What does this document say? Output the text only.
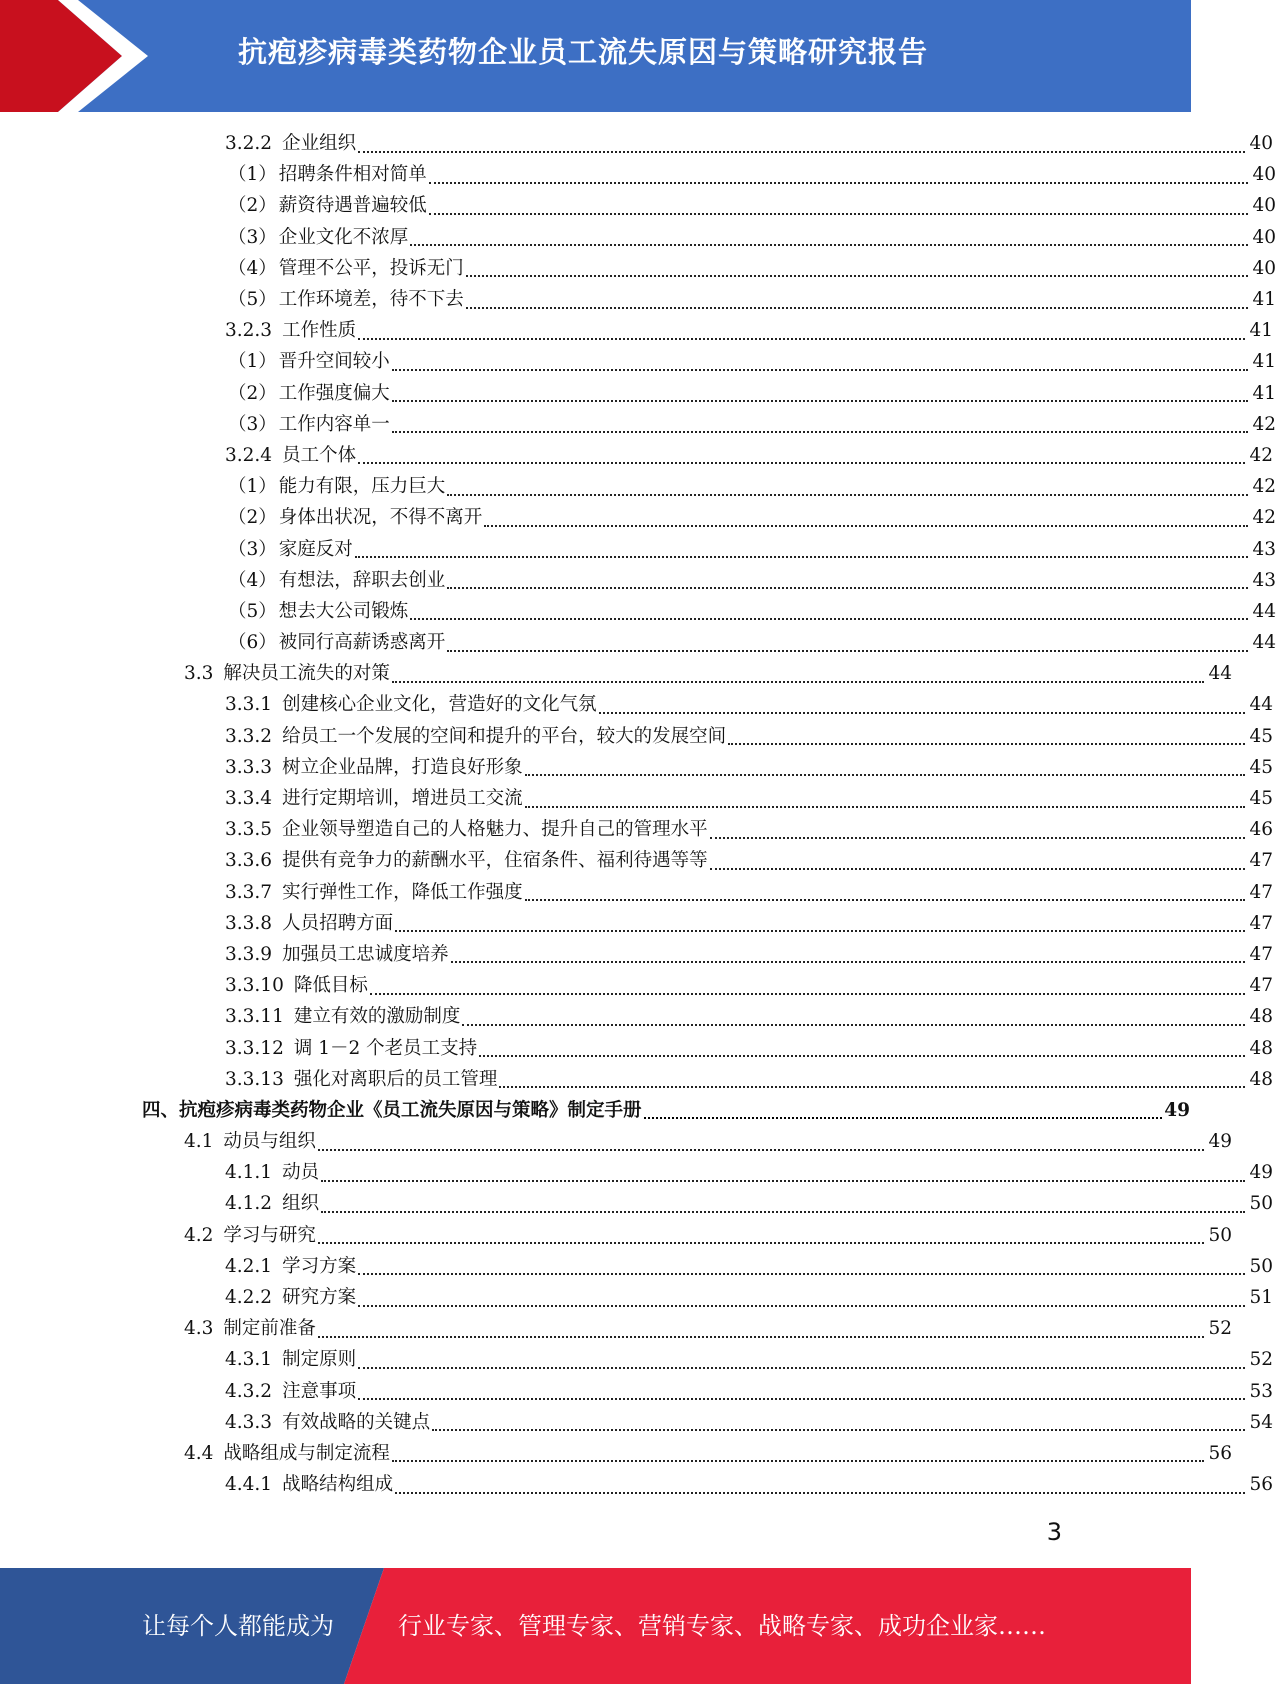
抗疱疹病毒类药物企业员工流失原因与策略研究报告
3.2.2 企业组织	40
（1） 招聘条件相对简单	40
（2） 薪资待遇普遍较低	40
（3） 企业文化不浓厚	40
（4） 管理不公平，投诉无门	40
（5） 工作环境差，待不下去	41
3.2.3 工作性质	41
（1） 晋升空间较小	41
（2） 工作强度偏大	41
（3） 工作内容单一	42
3.2.4 员工个体	42
（1） 能力有限，压力巨大	42
（2） 身体出状况，不得不离开	42
（3） 家庭反对	43
（4） 有想法，辞职去创业	43
（5） 想去大公司锻炼	44
（6） 被同行高薪诱惑离开	44
3.3 解决员工流失的对策	44
3.3.1 创建核心企业文化，营造好的文化气氛	44
3.3.2 给员工一个发展的空间和提升的平台，较大的发展空间	45
3.3.3 树立企业品牌，打造良好形象	45
3.3.4 进行定期培训，增进员工交流	45
3.3.5 企业领导塑造自己的人格魅力、提升自己的管理水平	46
3.3.6 提供有竞争力的薪酬水平，住宿条件、福利待遇等等	47
3.3.7 实行弹性工作，降低工作强度	47
3.3.8 人员招聘方面	47
3.3.9 加强员工忠诚度培养	47
3.3.10 降低目标	47
3.3.11 建立有效的激励制度	48
3.3.12 调 1－2 个老员工支持	48
3.3.13 强化对离职后的员工管理	48
四、抗疱疹病毒类药物企业《员工流失原因与策略》制定手册	49
4.1 动员与组织	49
4.1.1 动员	49
4.1.2 组织	50
4.2 学习与研究	50
4.2.1 学习方案	50
4.2.2 研究方案	51
4.3 制定前准备	52
4.3.1 制定原则	52
4.3.2 注意事项	53
4.3.3 有效战略的关键点	54
4.4 战略组成与制定流程	56
4.4.1 战略结构组成	56
3
让每个人都能成为	行业专家、管理专家、营销专家、战略专家、成功企业家……
